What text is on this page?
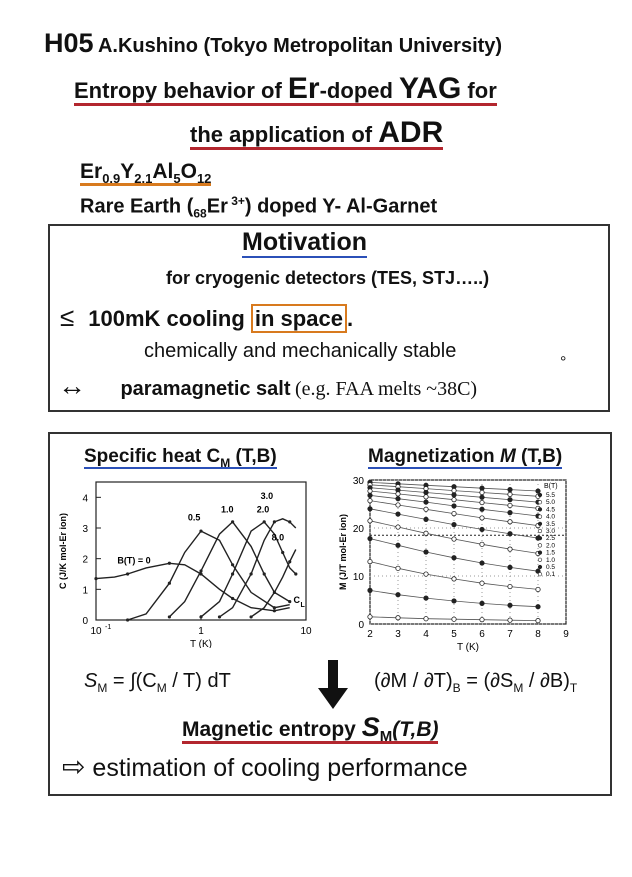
H05 A.Kushino (Tokyo Metropolitan University)
Entropy behavior of Er-doped YAG for
the application of ADR
$Er_{0.9}Y_{2.1}Al_5O_{12}$
Rare Earth ($_{68}Er$ $^{3+}$) doped Y- Al-Garnet
Motivation
for cryogenic detectors (TES, STJ…..)
≤ 100mK cooling in space .
chemically and mechanically stable
↔ paramagnetic salt (e.g. FAA melts ~38C)
°
Specific heat $C_M$ (T,B)	Magnetization M (T,B)
0
1
2
3
4
10 -1	1	10
T (K)
C (J/K mol-Er ion)	B(T) = 0
0.5
1.0	2.0
3.0
8.0
C
L
2 3 4 5 6 7 8 9
0
10
20
30
T (K)
M (J/T mol-Er ion)
B(T)
5.5
5.0
4.5
4.0
3.5
3.0
2.5
2.0
1.5
1.0
0.5
0.1
$S_M = \int(C_M / T)$ dT	$(\partial M / \partial T)_B = (\partial S_M / \partial B)_T$
Magnetic entropy $S_M(T,B)$
⇨ estimation of cooling performance
